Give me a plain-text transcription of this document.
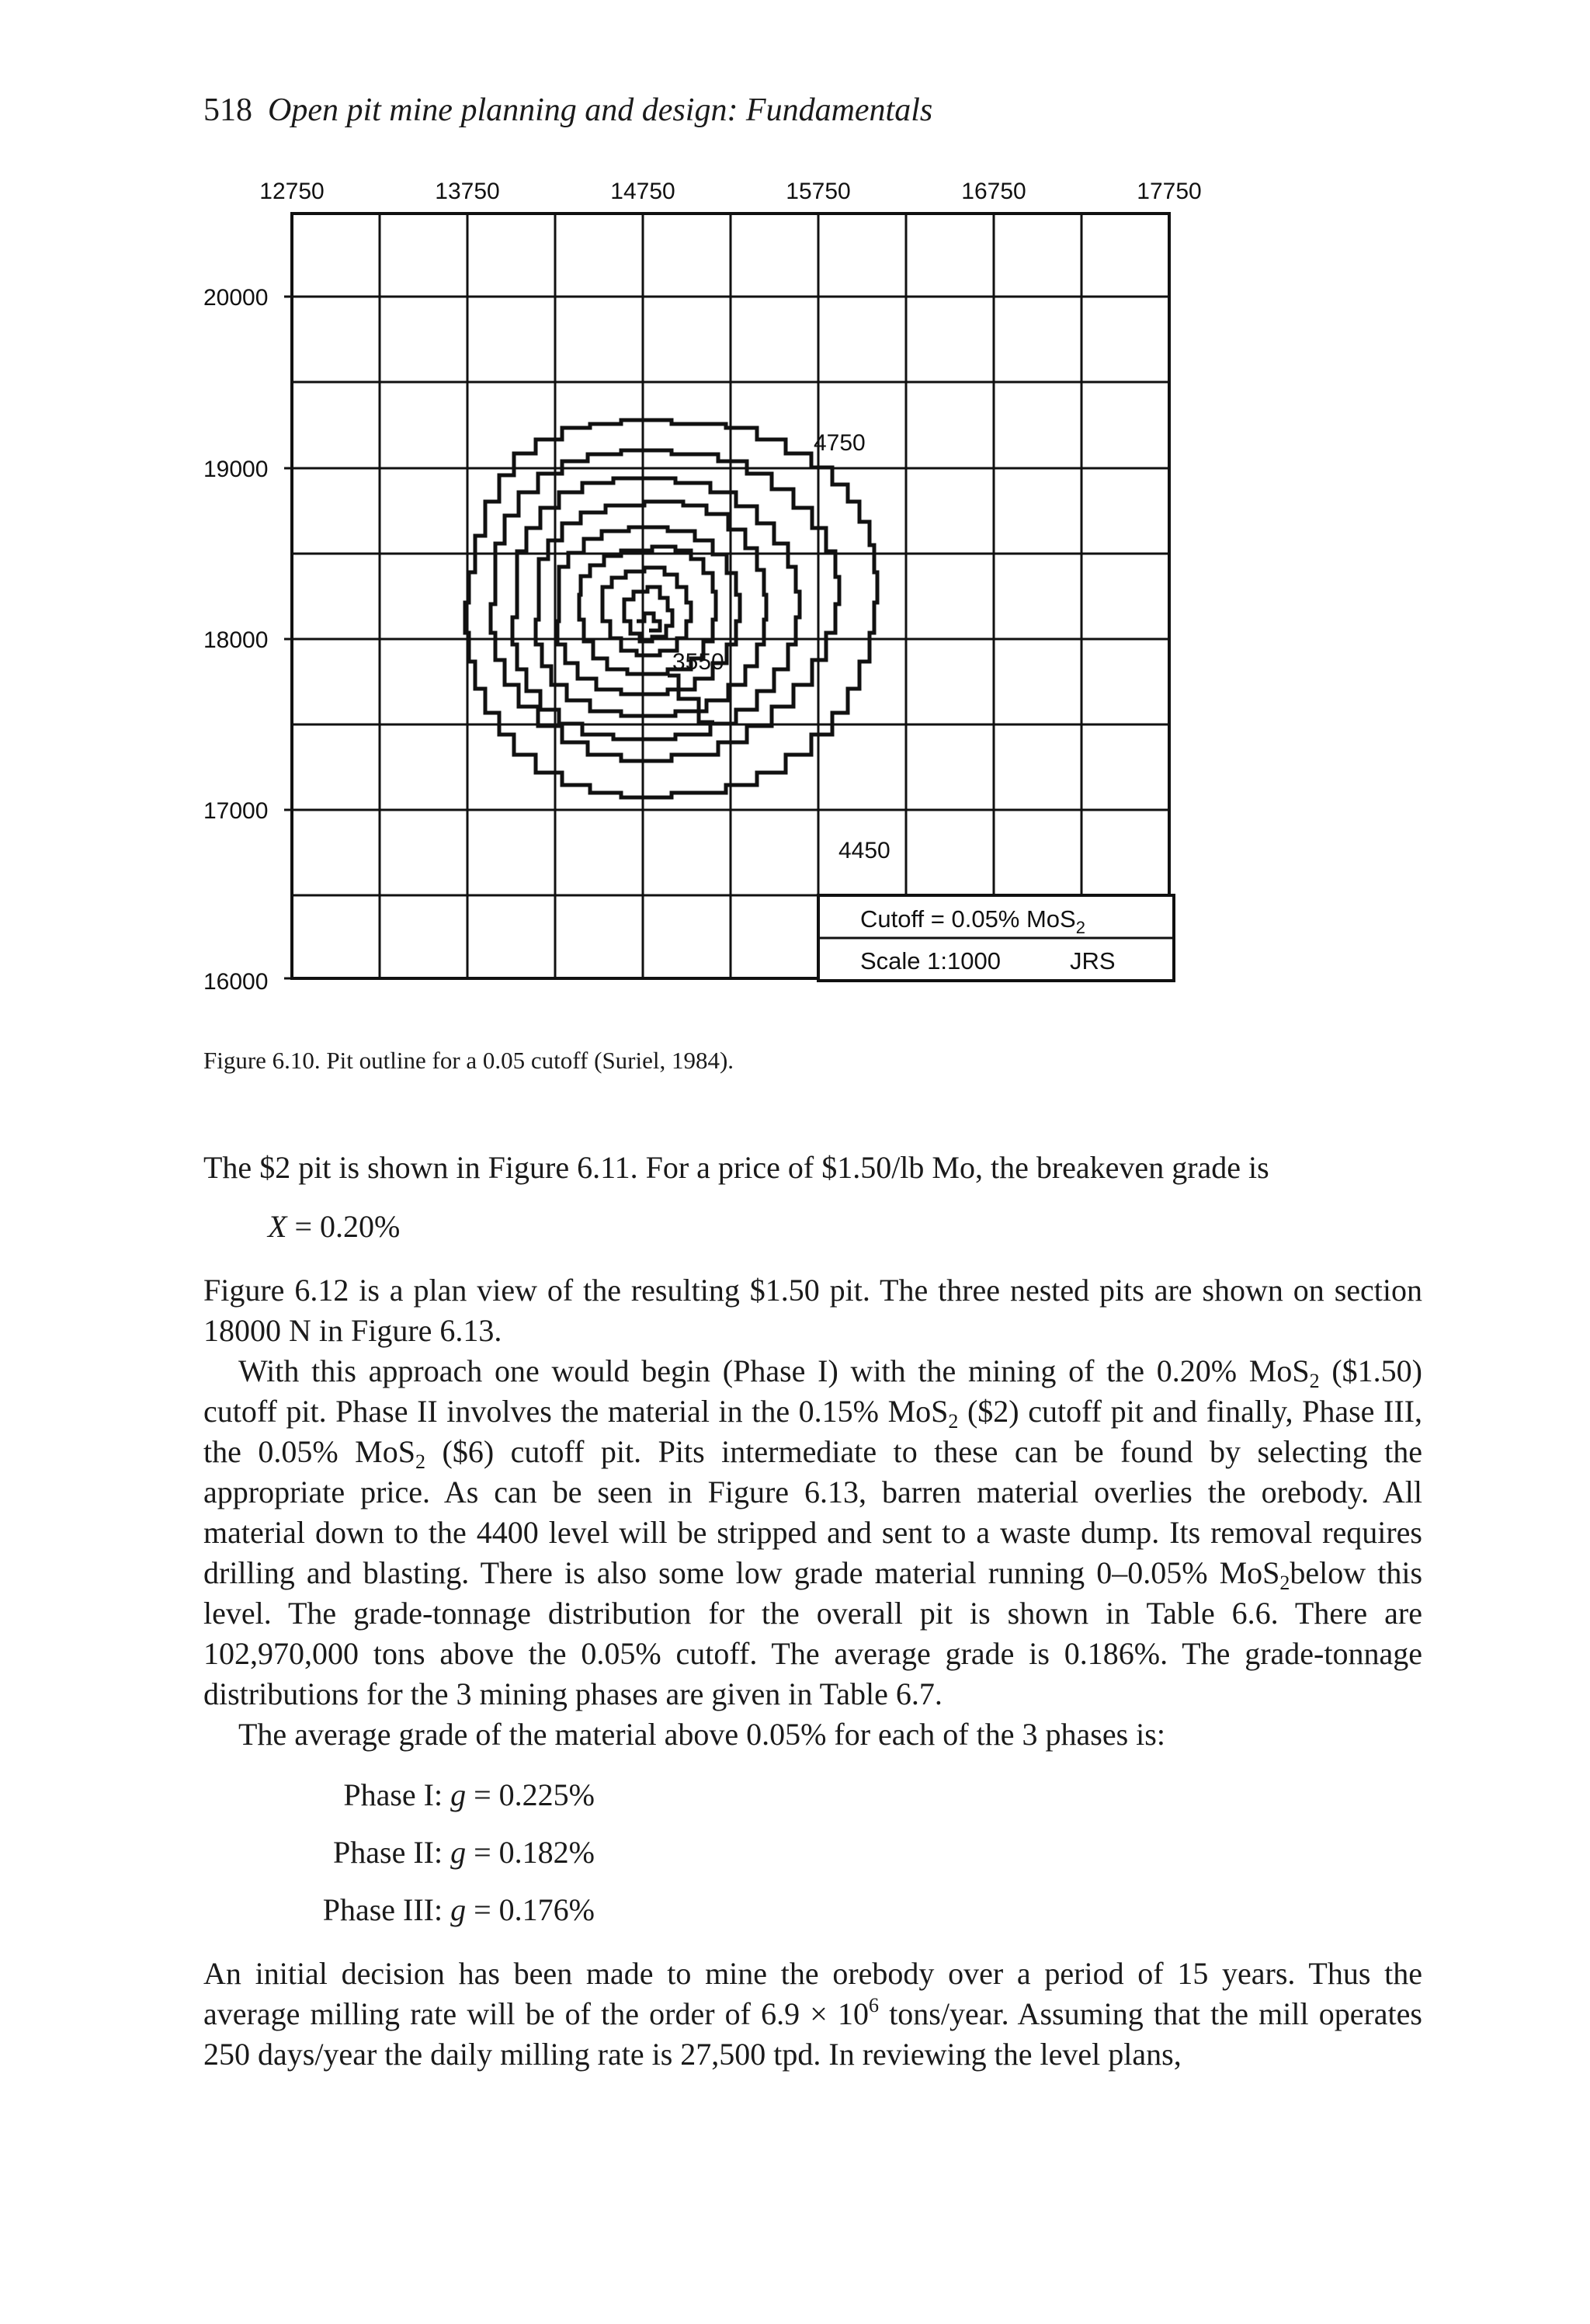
518 Open pit mine planning and design: Fundamentals
4750
3550
4450
12750	13750	14750	15750	16750	17750
20000
19000
18000
17000
16000
Cutoff = 0.05% MoS$_2$
Scale 1:1000	JRS
Figure 6.10. Pit outline for a 0.05 cutoff (Suriel, 1984).
The $2 pit is shown in Figure 6.11. For a price of $1.50/lb Mo, the breakeven grade is
X = 0.20%
Figure 6.12 is a plan view of the resulting $1.50 pit. The three nested pits are shown on section 18000 N in Figure 6.13.
With this approach one would begin (Phase I) with the mining of the 0.20% MoS$_2$ ($1.50) cutoff pit. Phase II involves the material in the 0.15% MoS$_2$ ($2) cutoff pit and finally, Phase III, the 0.05% MoS$_2$ ($6) cutoff pit. Pits intermediate to these can be found by selecting the appropriate price. As can be seen in Figure 6.13, barren material overlies the orebody. All material down to the 4400 level will be stripped and sent to a waste dump. Its removal requires drilling and blasting. There is also some low grade material running 0–0.05% MoS$_2$below this level. The grade-tonnage distribution for the overall pit is shown in Table 6.6. There are 102,970,000 tons above the 0.05% cutoff. The average grade is 0.186%. The grade-tonnage distributions for the 3 mining phases are given in Table 6.7.
The average grade of the material above 0.05% for each of the 3 phases is:
Phase I: g = 0.225%
Phase II: g = 0.182%
Phase III: g = 0.176%
An initial decision has been made to mine the orebody over a period of 15 years. Thus the average milling rate will be of the order of $6.9 \times 10^6$ tons/year. Assuming that the mill operates 250 days/year the daily milling rate is 27,500 tpd. In reviewing the level plans,
